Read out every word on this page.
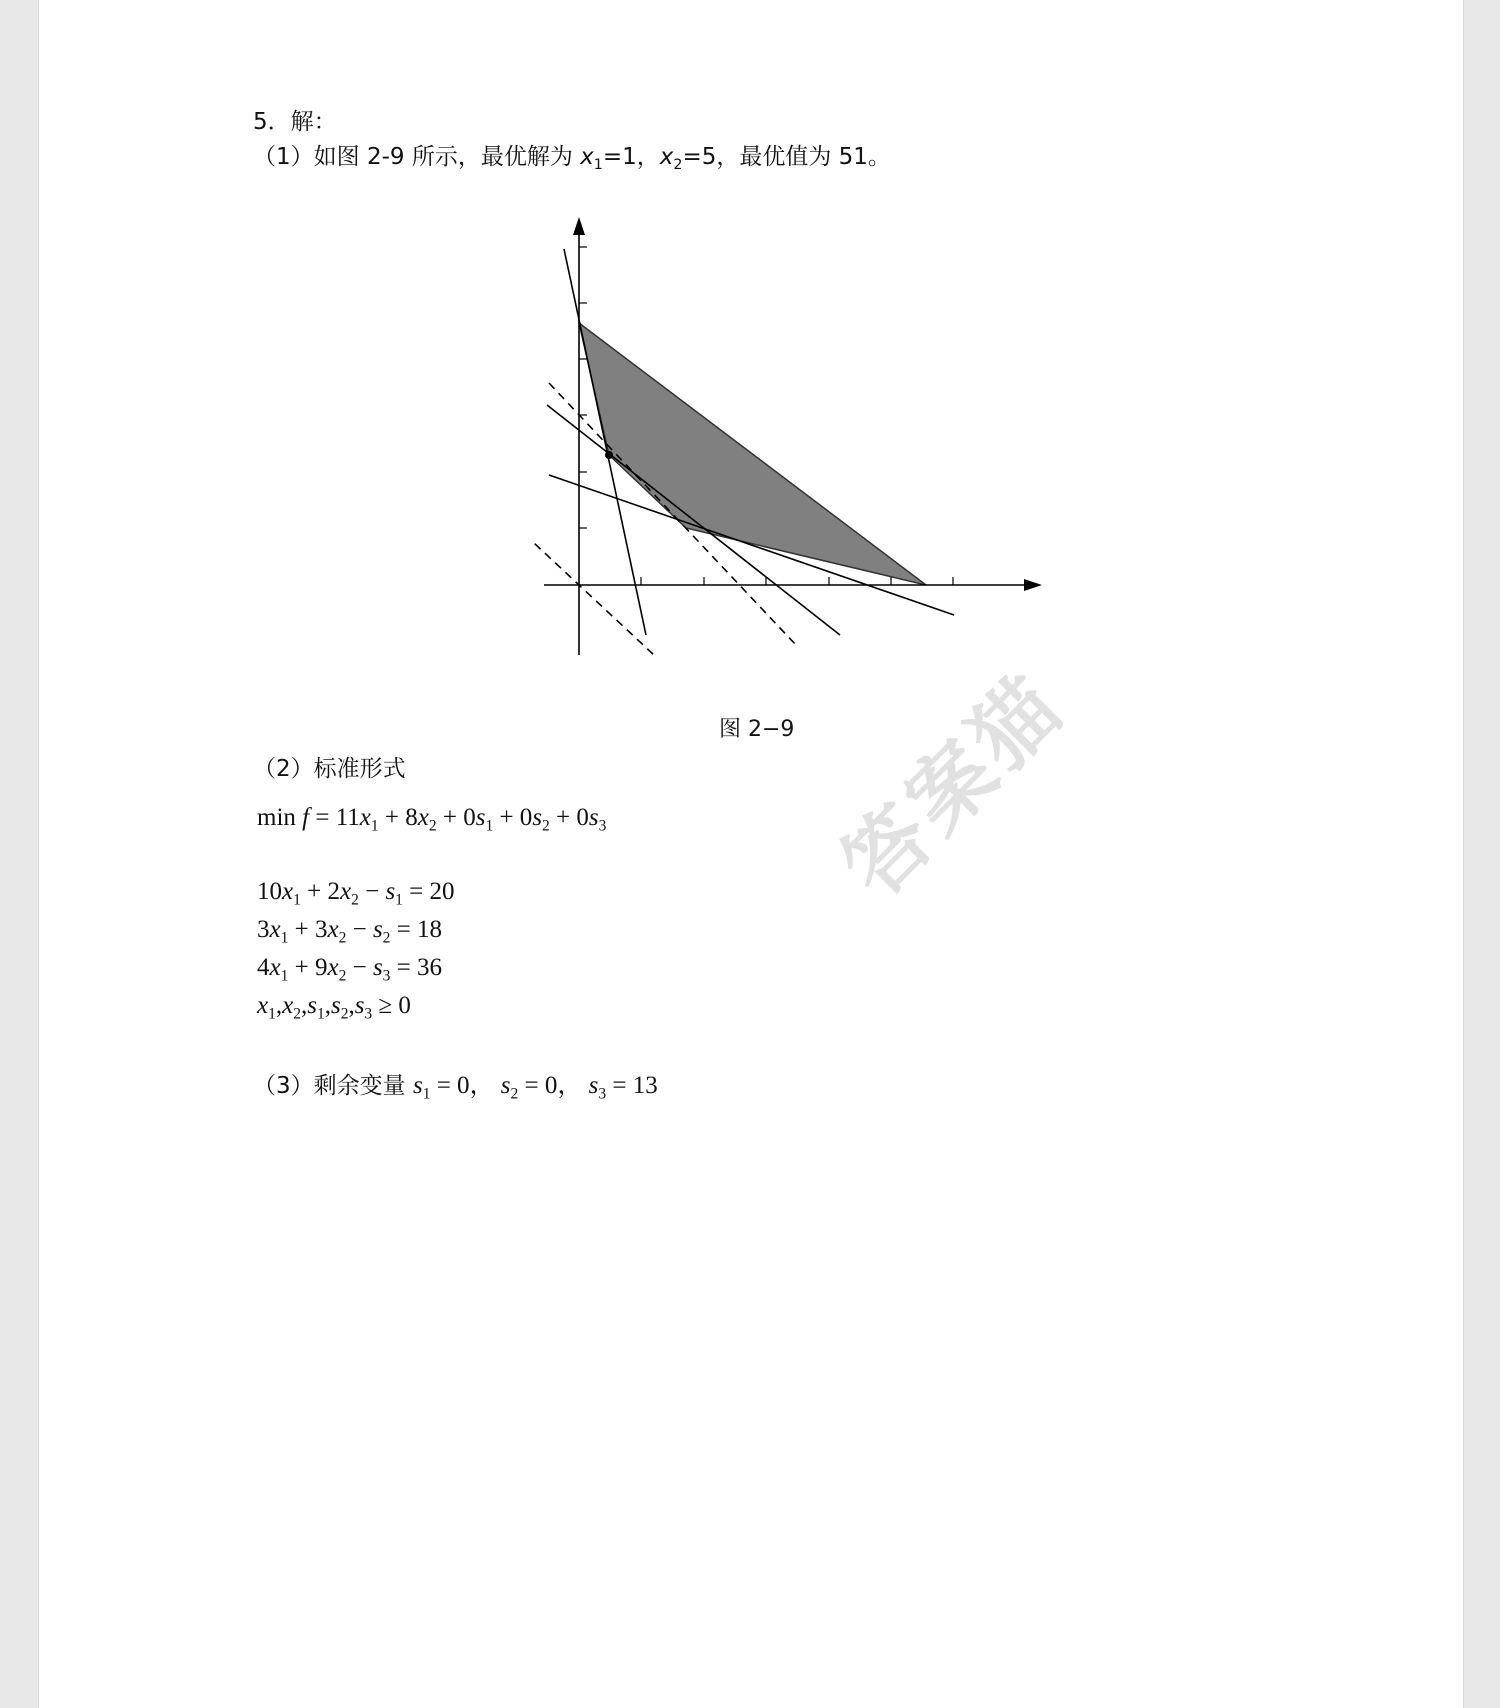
5．解：
（1）如图 2-9 所示，最优解为 $x_1=1$，$x_2=5$，最优值为 51。
图 2−9
（2）标准形式
$\min f = 11x_1 + 8x_2 + 0s_1 + 0s_2 + 0s_3$
$10x_1 + 2x_2 - s_1 = 20$
$3x_1 + 3x_2 - s_2 = 18$
$4x_1 + 9x_2 - s_3 = 36$
$x_1,x_2,s_1,s_2,s_3 \ge 0$
（3）剩余变量 $s_1 = 0$， $s_2 = 0$， $s_3 = 13$
答案猫
